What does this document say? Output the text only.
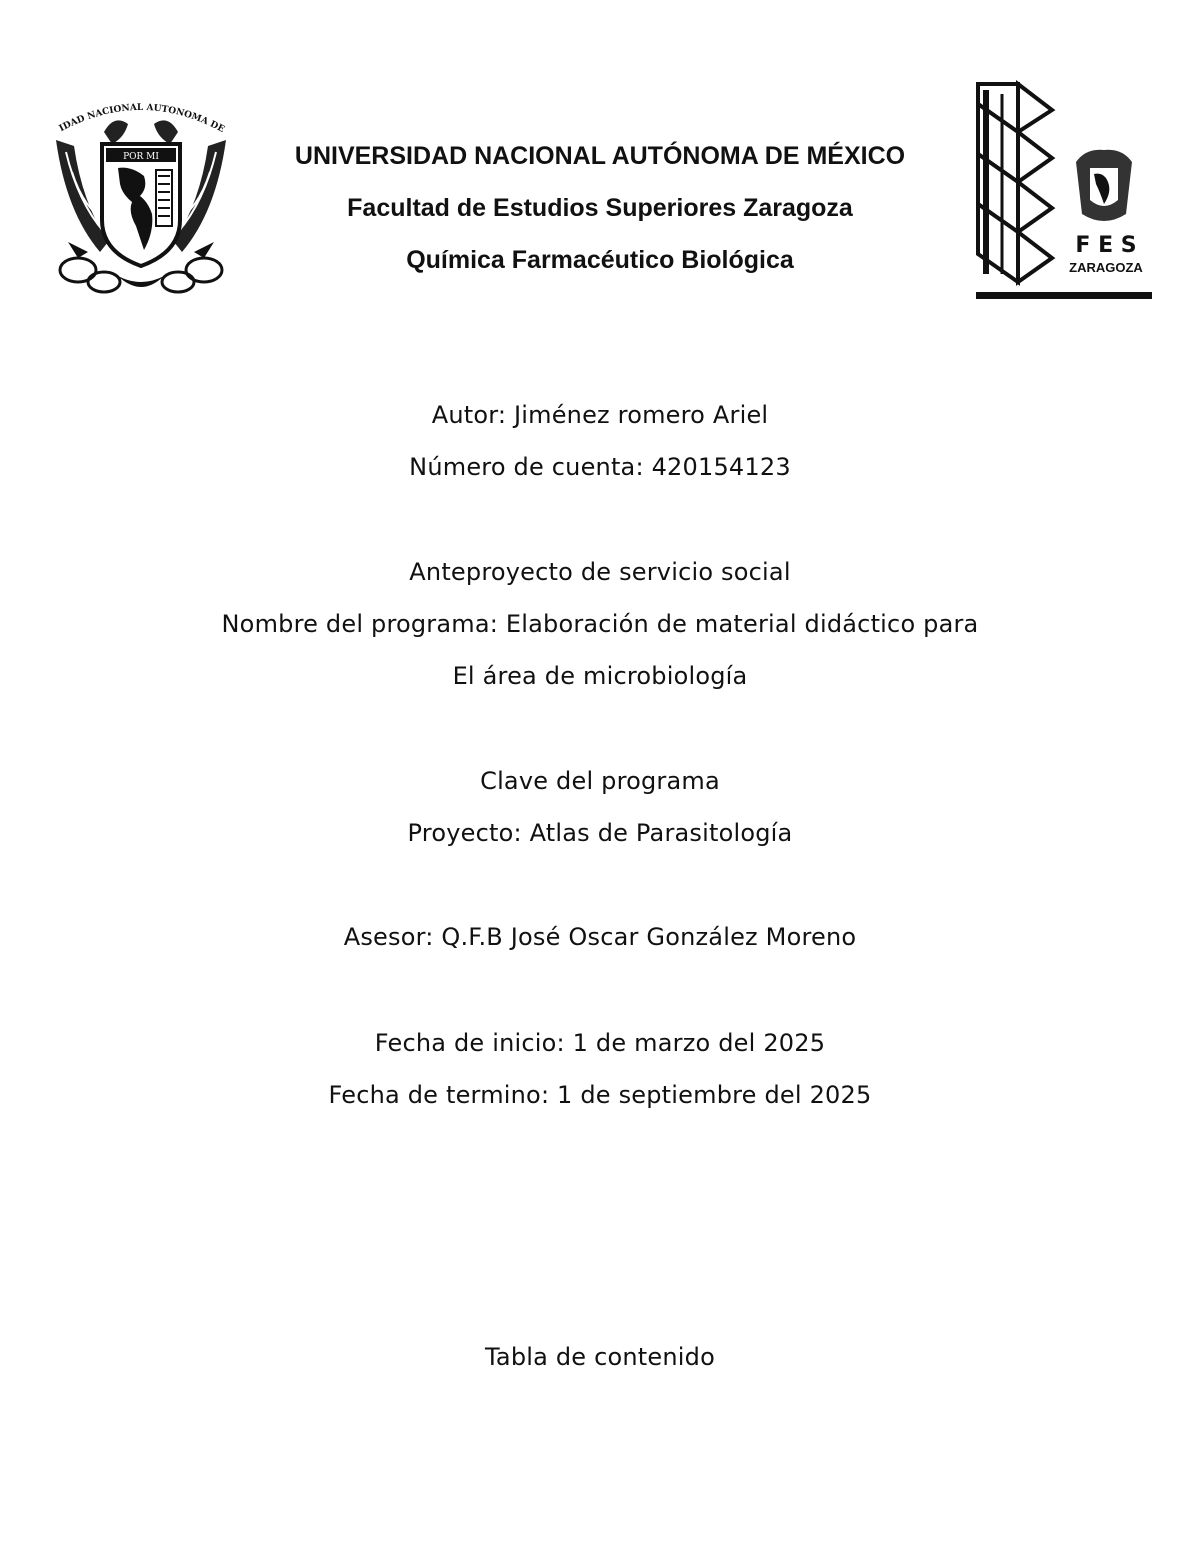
IDAD NACIONAL AUTONOMA DE
POR MI	UNIVERSIDAD NACIONAL AUTÓNOMA DE MÉXICO
Facultad de Estudios Superiores Zaragoza
Química Farmacéutico Biológica
F E S
ZARAGOZA
Autor: Jiménez romero Ariel
Número de cuenta: 420154123
Anteproyecto de servicio social
Nombre del programa: Elaboración de material didáctico para
El área de microbiología
Clave del programa
Proyecto: Atlas de Parasitología
Asesor: Q.F.B José Oscar González Moreno
Fecha de inicio: 1 de marzo del 2025
Fecha de termino: 1 de septiembre del 2025
Tabla de contenido
